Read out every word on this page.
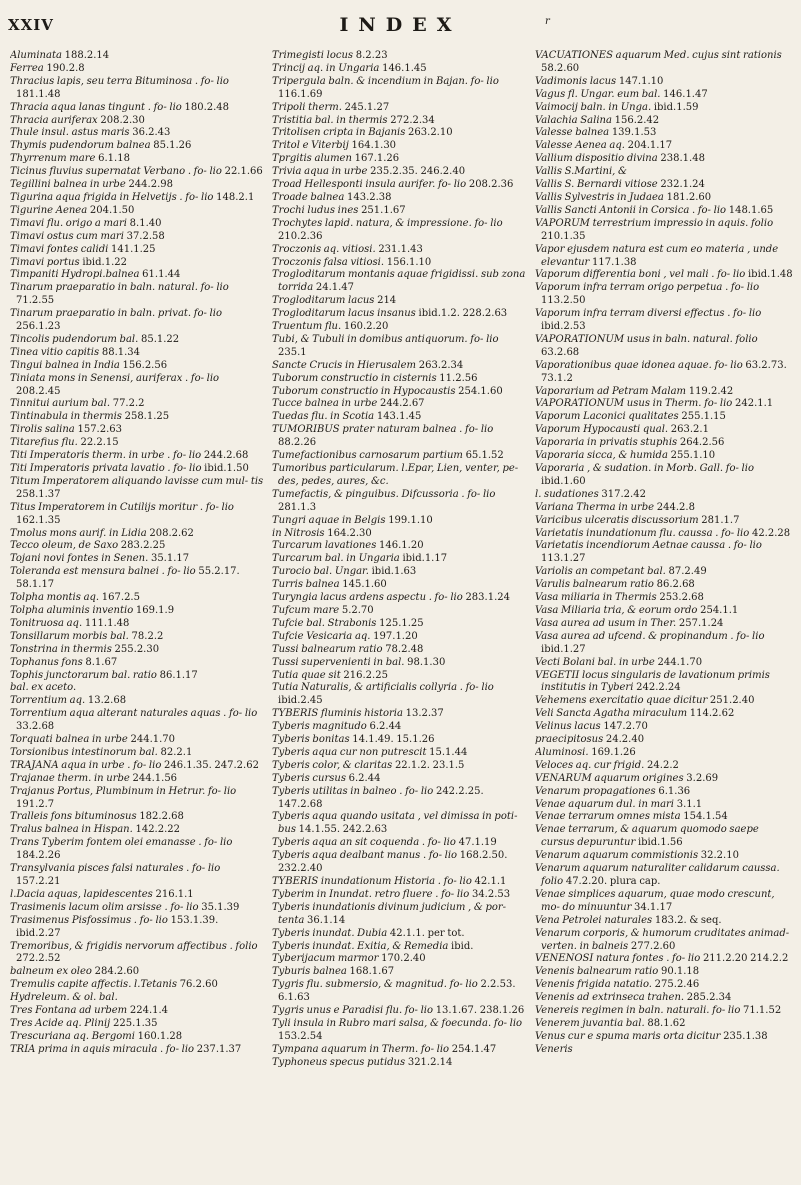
XXIV	INDEX	r

Aluminata 188.2.14

Ferrea 190.2.8

Thracius lapis, seu terra Bituminosa . fo- lio 181.1.48

Thracia aqua lanas tingunt . fo- lio 180.2.48

Thracia auriferax 208.2.30

Thule insul. astus maris 36.2.43

Thymis pudendorum balnea 85.1.26

Thyrrenum mare 6.1.18

Ticinus fluvius supernatat Verbano . fo- lio 22.1.66

Tegillini balnea in urbe 244.2.98

Tigurina aqua frigida in Helvetijs . fo- lio 148.2.1

Tigurine Aenea 204.1.50

Timavi flu. origo a mari 8.1.40

Timavi ostus cum mari 37.2.58

Timavi fontes calidi 141.1.25

Timavi portus ibid.1.22

Timpaniti Hydropi.balnea 61.1.44

Tinarum praeparatio in baln. natural. fo- lio 71.2.55

Tinarum praeparatio in baln. privat. fo- lio 256.1.23

Tincolis pudendorum bal. 85.1.22

Tinea vitio capitis 88.1.34

Tingui balnea in India 156.2.56

Tiniata mons in Senensi, auriferax . fo- lio 208.2.45

Tinnitui aurium bal. 77.2.2

Tintinabula in thermis 258.1.25

Tirolis salina 157.2.63

Titarefius flu. 22.2.15

Titi Imperatoris therm. in urbe . fo- lio 244.2.68

Titi Imperatoris privata lavatio . fo- lio ibid.1.50

Titum Imperatorem aliquando lavisse cum mul- tis 258.1.37

Titus Imperatorem in Cutilijs moritur . fo- lio 162.1.35

Tmolus mons aurif. in Lidia 208.2.62

Tecco oleum, de Saxo 283.2.25

Tojani novi fontes in Senen. 35.1.17

Toleranda est mensura balnei . fo- lio 55.2.17. 58.1.17

Tolpha montis aq. 167.2.5

Tolpha aluminis inventio 169.1.9

Tonitruosa aq. 111.1.48

Tonsillarum morbis bal. 78.2.2

Tonstrina in thermis 255.2.30

Tophanus fons 8.1.67

Tophis junctorarum bal. ratio 86.1.17

bal. ex aceto.

Torrentium aq. 13.2.68

Torrentium aqua alterant naturales aquas . fo- lio 33.2.68

Torquati balnea in urbe 244.1.70

Torsionibus intestinorum bal. 82.2.1

TRAJANA aqua in urbe . fo- lio 246.1.35. 247.2.62

Trajanae therm. in urbe 244.1.56

Trajanus Portus, Plumbinum in Hetrur. fo- lio 191.2.7

Tralleis fons bituminosus 182.2.68

Tralus balnea in Hispan. 142.2.22

Trans Tyberim fontem olei emanasse . fo- lio 184.2.26

Transylvania pisces falsi naturales . fo- lio 157.2.21

l.Dacia aquas, lapidescentes 216.1.1

Trasimenis lacum olim arsisse . fo- lio 35.1.39

Trasimenus Pisfossimus . fo- lio 153.1.39. ibid.2.27

Tremoribus, & frigidis nervorum affectibus . folio 272.2.52

balneum ex oleo 284.2.60

Tremulis capite affectis. l.Tetanis 76.2.60

Hydreleum. & ol. bal.

Tres Fontana ad urbem 224.1.4

Tres Acide aq. Plinij 225.1.35

Trescuriana aq. Bergomi 160.1.28

TRIA prima in aquis miracula . fo- lio 237.1.37

Trimegisti locus 8.2.23

Trincij aq. in Ungaria 146.1.45

Tripergula baln. & incendium in Bajan. fo- lio 116.1.69

Tripoli therm. 245.1.27

Tristitia bal. in thermis 272.2.34

Tritolisen cripta in Bajanis 263.2.10

Tritol e Viterbij 164.1.30

Tprgitis alumen 167.1.26

Trivia aqua in urbe 235.2.35. 246.2.40

Troad Hellesponti insula aurifer. fo- lio 208.2.36

Troade balnea 143.2.38

Trochi ludus ines 251.1.67

Trochytes lapid. natura, & impressione. fo- lio 210.2.36

Troczonis aq. vitiosi. 231.1.43

Troczonis falsa vitiosi. 156.1.10

Trogloditarum montanis aquae frigidissi. sub zona torrida 24.1.47

Trogloditarum lacus 214

Trogloditarum lacus insanus ibid.1.2. 228.2.63

Truentum flu. 160.2.20

Tubi, & Tubuli in domibus antiquorum. fo- lio 235.1

Sancte Crucis in Hierusalem 263.2.34

Tuborum constructio in cisternis 11.2.56

Tuborum constructio in Hypocaustis 254.1.60

Tucce balnea in urbe 244.2.67

Tuedas flu. in Scotia 143.1.45

TUMORIBUS prater naturam balnea . fo- lio 88.2.26

Tumefactionibus carnosarum partium 65.1.52

Tumoribus particularum. l.Epar, Lien, venter, pe- des, pedes, aures, &c.

Tumefactis, & pinguibus. Difcussoria . fo- lio 281.1.3

Tungri aquae in Belgis 199.1.10

in Nitrosis 164.2.30

Turcarum lavationes 146.1.20

Turcarum bal. in Ungaria ibid.1.17

Turocio bal. Ungar. ibid.1.63

Turris balnea 145.1.60

Turyngia lacus ardens aspectu . fo- lio 283.1.24

Tufcum mare 5.2.70

Tufcie bal. Strabonis 125.1.25

Tufcie Vesicaria aq. 197.1.20

Tussi balnearum ratio 78.2.48

Tussi supervenienti in bal. 98.1.30

Tutia quae sit 216.2.25

Tutia Naturalis, & artificialis collyria . fo- lio ibid.2.45

TYBERIS fluminis historia 13.2.37

Tyberis magnitudo 6.2.44

Tyberis bonitas 14.1.49. 15.1.26

Tyberis aqua cur non putrescit 15.1.44

Tyberis color, & claritas 22.1.2. 23.1.5

Tyberis cursus 6.2.44

Tyberis utilitas in balneo . fo- lio 242.2.25. 147.2.68

Tyberis aqua quando usitata , vel dimissa in poti- bus 14.1.55. 242.2.63

Tyberis aqua an sit coquenda . fo- lio 47.1.19

Tyberis aqua dealbant manus . fo- lio 168.2.50. 232.2.40

TYBERIS inundationum Historia . fo- lio 42.1.1

Tyberim in Inundat. retro fluere . fo- lio 34.2.53

Tyberis inundationis divinum judicium , & por- tenta 36.1.14

Tyberis inundat. Dubia 42.1.1. per tot.

Tyberis inundat. Exitia, & Remedia ibid.

Tyberijacum marmor 170.2.40

Tyburis balnea 168.1.67

Tygris flu. submersio, & magnitud. fo- lio 2.2.53. 6.1.63

Tygris unus e Paradisi flu. fo- lio 13.1.67. 238.1.26

Tyli insula in Rubro mari salsa, & foecunda. fo- lio 153.2.54

Tympana aquarum in Therm. fo- lio 254.1.47

Typhoneus specus putidus 321.2.14

VACUATIONES aquarum Med. cujus sint rationis 58.2.60

Vadimonis lacus 147.1.10

Vagus fl. Ungar. eum bal. 146.1.47

Vaimocij baln. in Unga. ibid.1.59

Valachia Salina 156.2.42

Valesse balnea 139.1.53

Valesse Aenea aq. 204.1.17

Vallium dispositio divina 238.1.48

Vallis S.Martini, &

Vallis S. Bernardi vitiose 232.1.24

Vallis Sylvestris in Judaea 181.2.60

Vallis Sancti Antonii in Corsica . fo- lio 148.1.65

VAPORUM terrestrium impressio in aquis. folio 210.1.35

Vapor ejusdem natura est cum eo materia , unde elevantur 117.1.38

Vaporum differentia boni , vel mali . fo- lio ibid.1.48

Vaporum infra terram origo perpetua . fo- lio 113.2.50

Vaporum infra terram diversi effectus . fo- lio ibid.2.53

VAPORATIONUM usus in baln. natural. folio 63.2.68

Vaporationibus quae idonea aquae. fo- lio 63.2.73. 73.1.2

Vaporarium ad Petram Malam 119.2.42

VAPORATIONUM usus in Therm. fo- lio 242.1.1

Vaporum Laconici qualitates 255.1.15

Vaporum Hypocausti qual. 263.2.1

Vaporaria in privatis stuphis 264.2.56

Vaporaria sicca, & humida 255.1.10

Vaporaria , & sudation. in Morb. Gall. fo- lio ibid.1.60

l. sudationes 317.2.42

Variana Therma in urbe 244.2.8

Varicibus ulceratis discussorium 281.1.7

Varietatis inundationum flu. caussa . fo- lio 42.2.28

Varietatis incendiorum Aetnae caussa . fo- lio 113.1.27

Variolis an competant bal. 87.2.49

Varulis balnearum ratio 86.2.68

Vasa miliaria in Thermis 253.2.68

Vasa Miliaria tria, & eorum ordo 254.1.1

Vasa aurea ad usum in Ther. 257.1.24

Vasa aurea ad ufcend. & propinandum . fo- lio ibid.1.27

Vecti Bolani bal. in urbe 244.1.70

VEGETII locus singularis de lavationum primis institutis in Tyberi 242.2.24

Vehemens exercitatio quae dicitur 251.2.40

Veli Sancta Agatha miraculum 114.2.62

Velinus lacus 147.2.70

praecipitosus 24.2.40

Aluminosi. 169.1.26

Veloces aq. cur frigid. 24.2.2

VENARUM aquarum origines 3.2.69

Venarum propagationes 6.1.36

Venae aquarum dul. in mari 3.1.1

Venae terrarum omnes mista 154.1.54

Venae terrarum, & aquarum quomodo saepe cursus depuruntur ibid.1.56

Venarum aquarum commistionis 32.2.10

Venarum aquarum naturaliter calidarum caussa. folio 47.2.20. plura cap.

Venae simplices aquarum, quae modo crescunt, mo- do minuuntur 34.1.17

Vena Petrolei naturales 183.2. & seq.

Venarum corporis, & humorum cruditates animad- verten. in balneis 277.2.60

VENENOSI natura fontes . fo- lio 211.2.20 214.2.2

Venenis balnearum ratio 90.1.18

Venenis frigida natatio. 275.2.46

Venenis ad extrinseca trahen. 285.2.34

Venereis regimen in baln. naturali. fo- lio 71.1.52

Venerem juvantia bal. 88.1.62

Venus cur e spuma maris orta dicitur 235.1.38

Veneris
